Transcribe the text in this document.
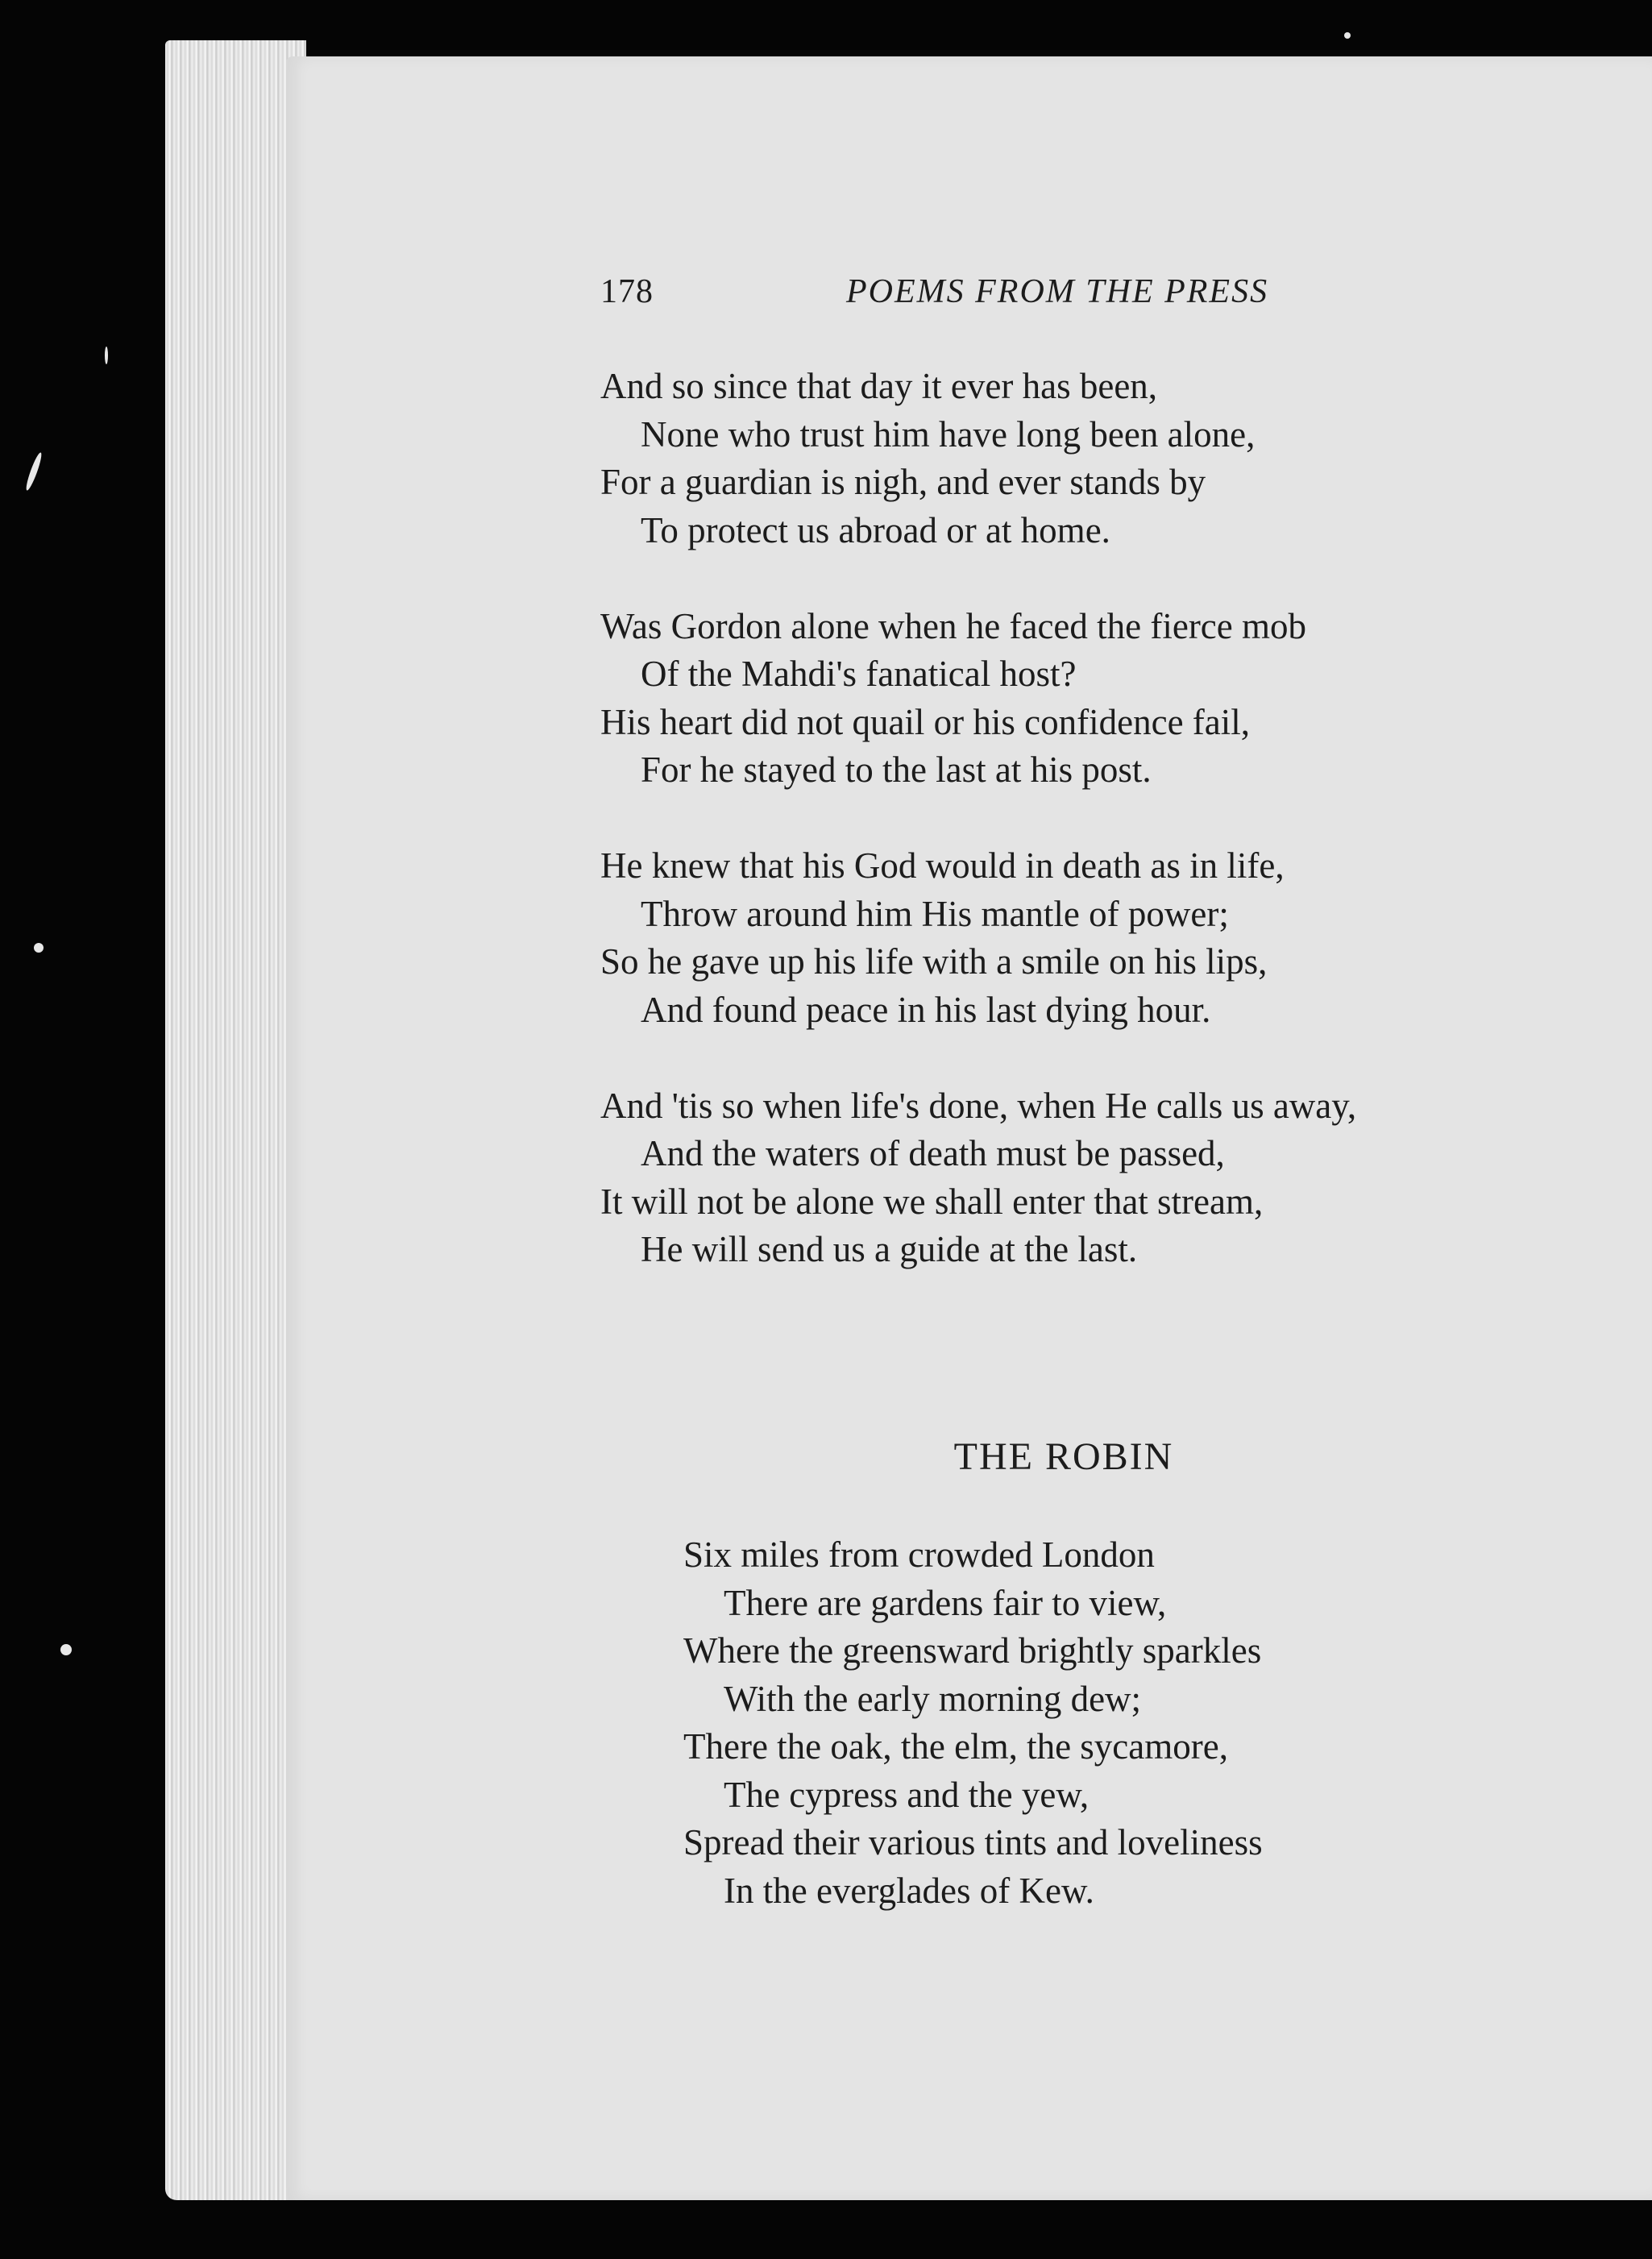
178	POEMS FROM THE PRESS
And so since that day it ever has been,
None who trust him have long been alone,
For a guardian is nigh, and ever stands by
To protect us abroad or at home.
Was Gordon alone when he faced the fierce mob
Of the Mahdi's fanatical host?
His heart did not quail or his confidence fail,
For he stayed to the last at his post.
He knew that his God would in death as in life,
Throw around him His mantle of power;
So he gave up his life with a smile on his lips,
And found peace in his last dying hour.
And 'tis so when life's done, when He calls us away,
And the waters of death must be passed,
It will not be alone we shall enter that stream,
He will send us a guide at the last.
THE ROBIN
Six miles from crowded London
There are gardens fair to view,
Where the greensward brightly sparkles
With the early morning dew;
There the oak, the elm, the sycamore,
The cypress and the yew,
Spread their various tints and loveliness
In the everglades of Kew.
